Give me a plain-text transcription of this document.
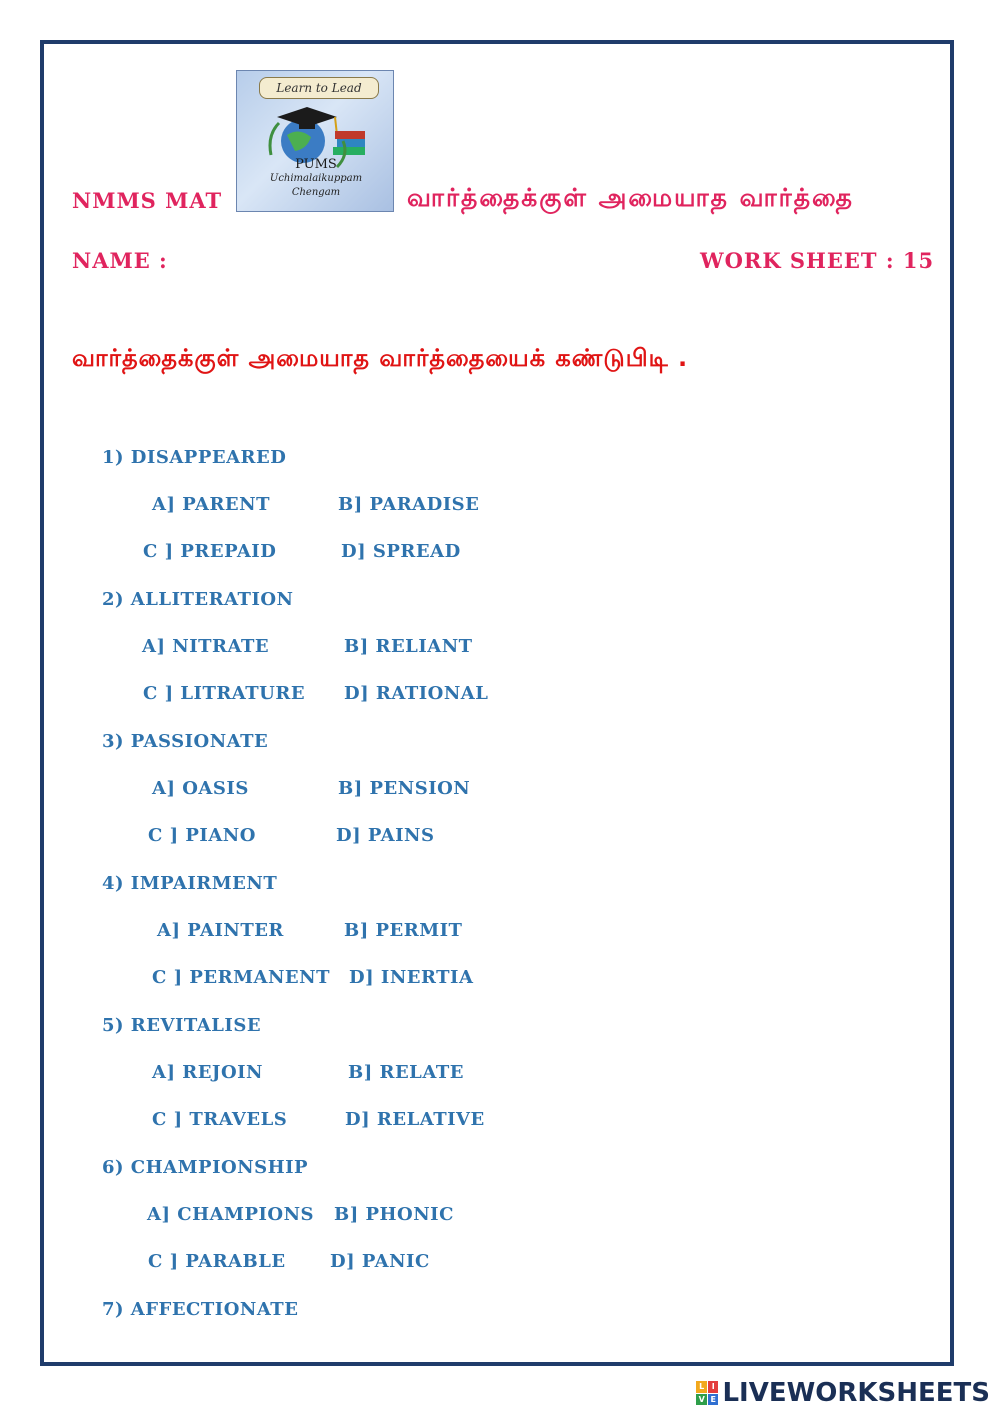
NMMS MAT
Learn to Lead
PUMS
Uchimalaikuppam
Chengam	வார்த்தைக்குள் அமையாத வார்த்தை
NAME :	WORK SHEET : 15
வார்த்தைக்குள் அமையாத வார்த்தையைக் கண்டுபிடி .
1) DISAPPEARED
A] PARENT	B] PARADISE
C ] PREPAID	D] SPREAD
2) ALLITERATION
A] NITRATE	B] RELIANT
C ] LITRATURE D] RATIONAL
3) PASSIONATE
A] OASIS	B] PENSION
C ] PIANO	D] PAINS
4) IMPAIRMENT
A] PAINTER	B] PERMIT
C ] PERMANENT D] INERTIA
5) REVITALISE
A] REJOIN	B] RELATE
C ] TRAVELS	D] RELATIVE
6) CHAMPIONSHIP
A] CHAMPIONS B] PHONIC
C ] PARABLE D] PANIC
7) AFFECTIONATE
L I
V E LIVEWORKSHEETS
